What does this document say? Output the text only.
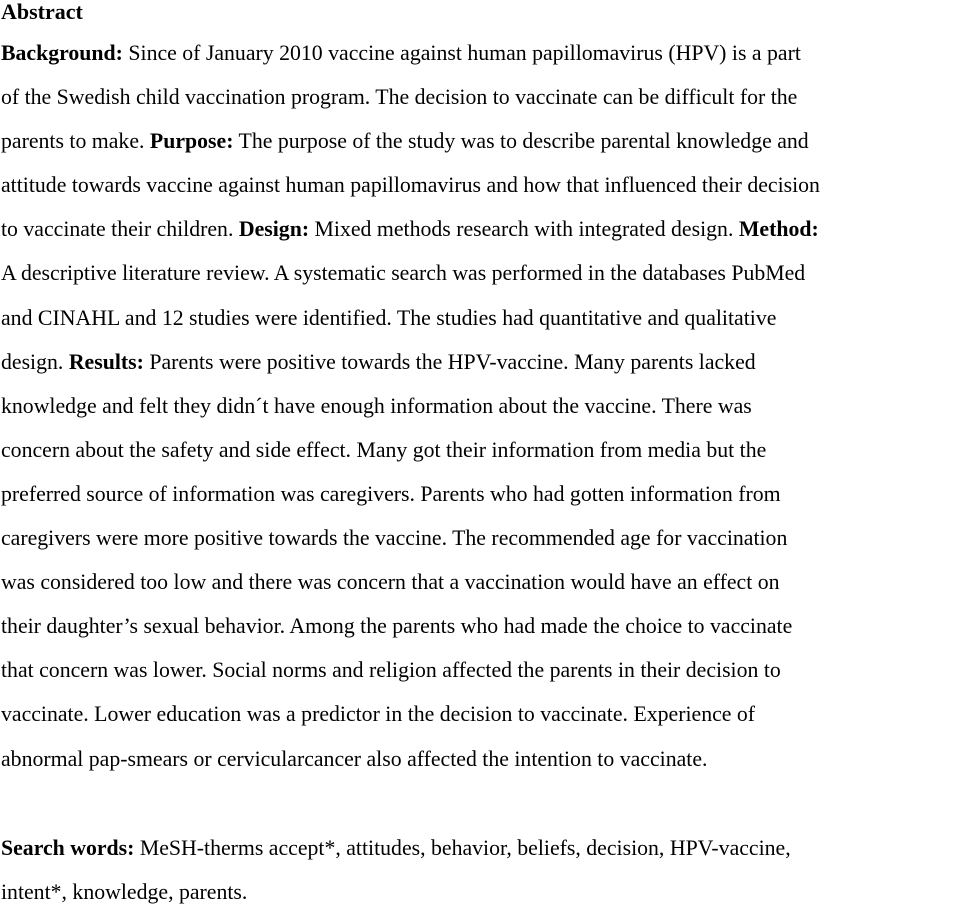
Abstract
Background: Since of January 2010 vaccine against human papillomavirus (HPV) is a part
of the Swedish child vaccination program. The decision to vaccinate can be difficult for the
parents to make. Purpose: The purpose of the study was to describe parental knowledge and
attitude towards vaccine against human papillomavirus and how that influenced their decision
to vaccinate their children. Design: Mixed methods research with integrated design. Method:
A descriptive literature review. A systematic search was performed in the databases PubMed
and CINAHL and 12 studies were identified. The studies had quantitative and qualitative
design. Results: Parents were positive towards the HPV-vaccine. Many parents lacked
knowledge and felt they didn´t have enough information about the vaccine. There was
concern about the safety and side effect. Many got their information from media but the
preferred source of information was caregivers. Parents who had gotten information from
caregivers were more positive towards the vaccine. The recommended age for vaccination
was considered too low and there was concern that a vaccination would have an effect on
their daughter’s sexual behavior. Among the parents who had made the choice to vaccinate
that concern was lower. Social norms and religion affected the parents in their decision to
vaccinate. Lower education was a predictor in the decision to vaccinate. Experience of
abnormal pap-smears or cervicularcancer also affected the intention to vaccinate.
Search words: MeSH-therms accept*, attitudes, behavior, beliefs, decision, HPV-vaccine,
intent*, knowledge, parents.
